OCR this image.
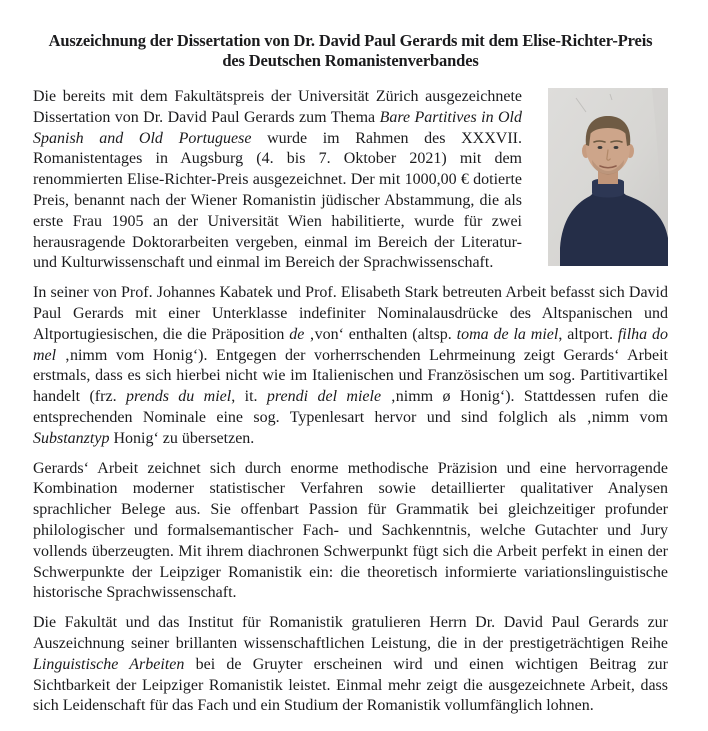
Auszeichnung der Dissertation von Dr. David Paul Gerards mit dem Elise-Richter-Preis
des Deutschen Romanistenverbandes

Die bereits mit dem Fakultätspreis der Universität Zürich ausgezeichnete Dissertation von Dr. David Paul Gerards zum Thema Bare Partitives in Old Spanish and Old Portuguese wurde im Rahmen des XXXVII. Romanistentages in Augsburg (4. bis 7. Oktober 2021) mit dem renommierten Elise-Richter-Preis ausgezeichnet. Der mit 1000,00 € dotierte Preis, benannt nach der Wiener Romanistin jüdischer Abstammung, die als erste Frau 1905 an der Universität Wien habilitierte, wurde für zwei herausragende Doktorarbeiten vergeben, einmal im Bereich der Literatur- und Kulturwissenschaft und einmal im Bereich der Sprachwissenschaft.

In seiner von Prof. Johannes Kabatek und Prof. Elisabeth Stark betreuten Arbeit befasst sich David Paul Gerards mit einer Unterklasse indefiniter Nominalausdrücke des Altspanischen und Altportugiesischen, die die Präposition de ‚von‘ enthalten (altsp. toma de la miel, altport. filha do mel ‚nimm vom Honig‘). Entgegen der vorherrschenden Lehrmeinung zeigt Gerards‘ Arbeit erstmals, dass es sich hierbei nicht wie im Italienischen und Französischen um sog. Partitivartikel handelt (frz. prends du miel, it. prendi del miele ‚nimm ø Honig‘). Stattdessen rufen die entsprechenden Nominale eine sog. Typenlesart hervor und sind folglich als ‚nimm vom Substanztyp Honig‘ zu übersetzen.

Gerards‘ Arbeit zeichnet sich durch enorme methodische Präzision und eine hervorragende Kombination moderner statistischer Verfahren sowie detaillierter qualitativer Analysen sprachlicher Belege aus. Sie offenbart Passion für Grammatik bei gleichzeitiger profunder philologischer und formalsemantischer Fach- und Sachkenntnis, welche Gutachter und Jury vollends überzeugten. Mit ihrem diachronen Schwerpunkt fügt sich die Arbeit perfekt in einen der Schwerpunkte der Leipziger Romanistik ein: die theoretisch informierte variationslinguistische historische Sprachwissenschaft.

Die Fakultät und das Institut für Romanistik gratulieren Herrn Dr. David Paul Gerards zur Auszeichnung seiner brillanten wissenschaftlichen Leistung, die in der prestigeträchtigen Reihe Linguistische Arbeiten bei de Gruyter erscheinen wird und einen wichtigen Beitrag zur Sichtbarkeit der Leipziger Romanistik leistet. Einmal mehr zeigt die ausgezeichnete Arbeit, dass sich Leidenschaft für das Fach und ein Studium der Romanistik vollumfänglich lohnen.
